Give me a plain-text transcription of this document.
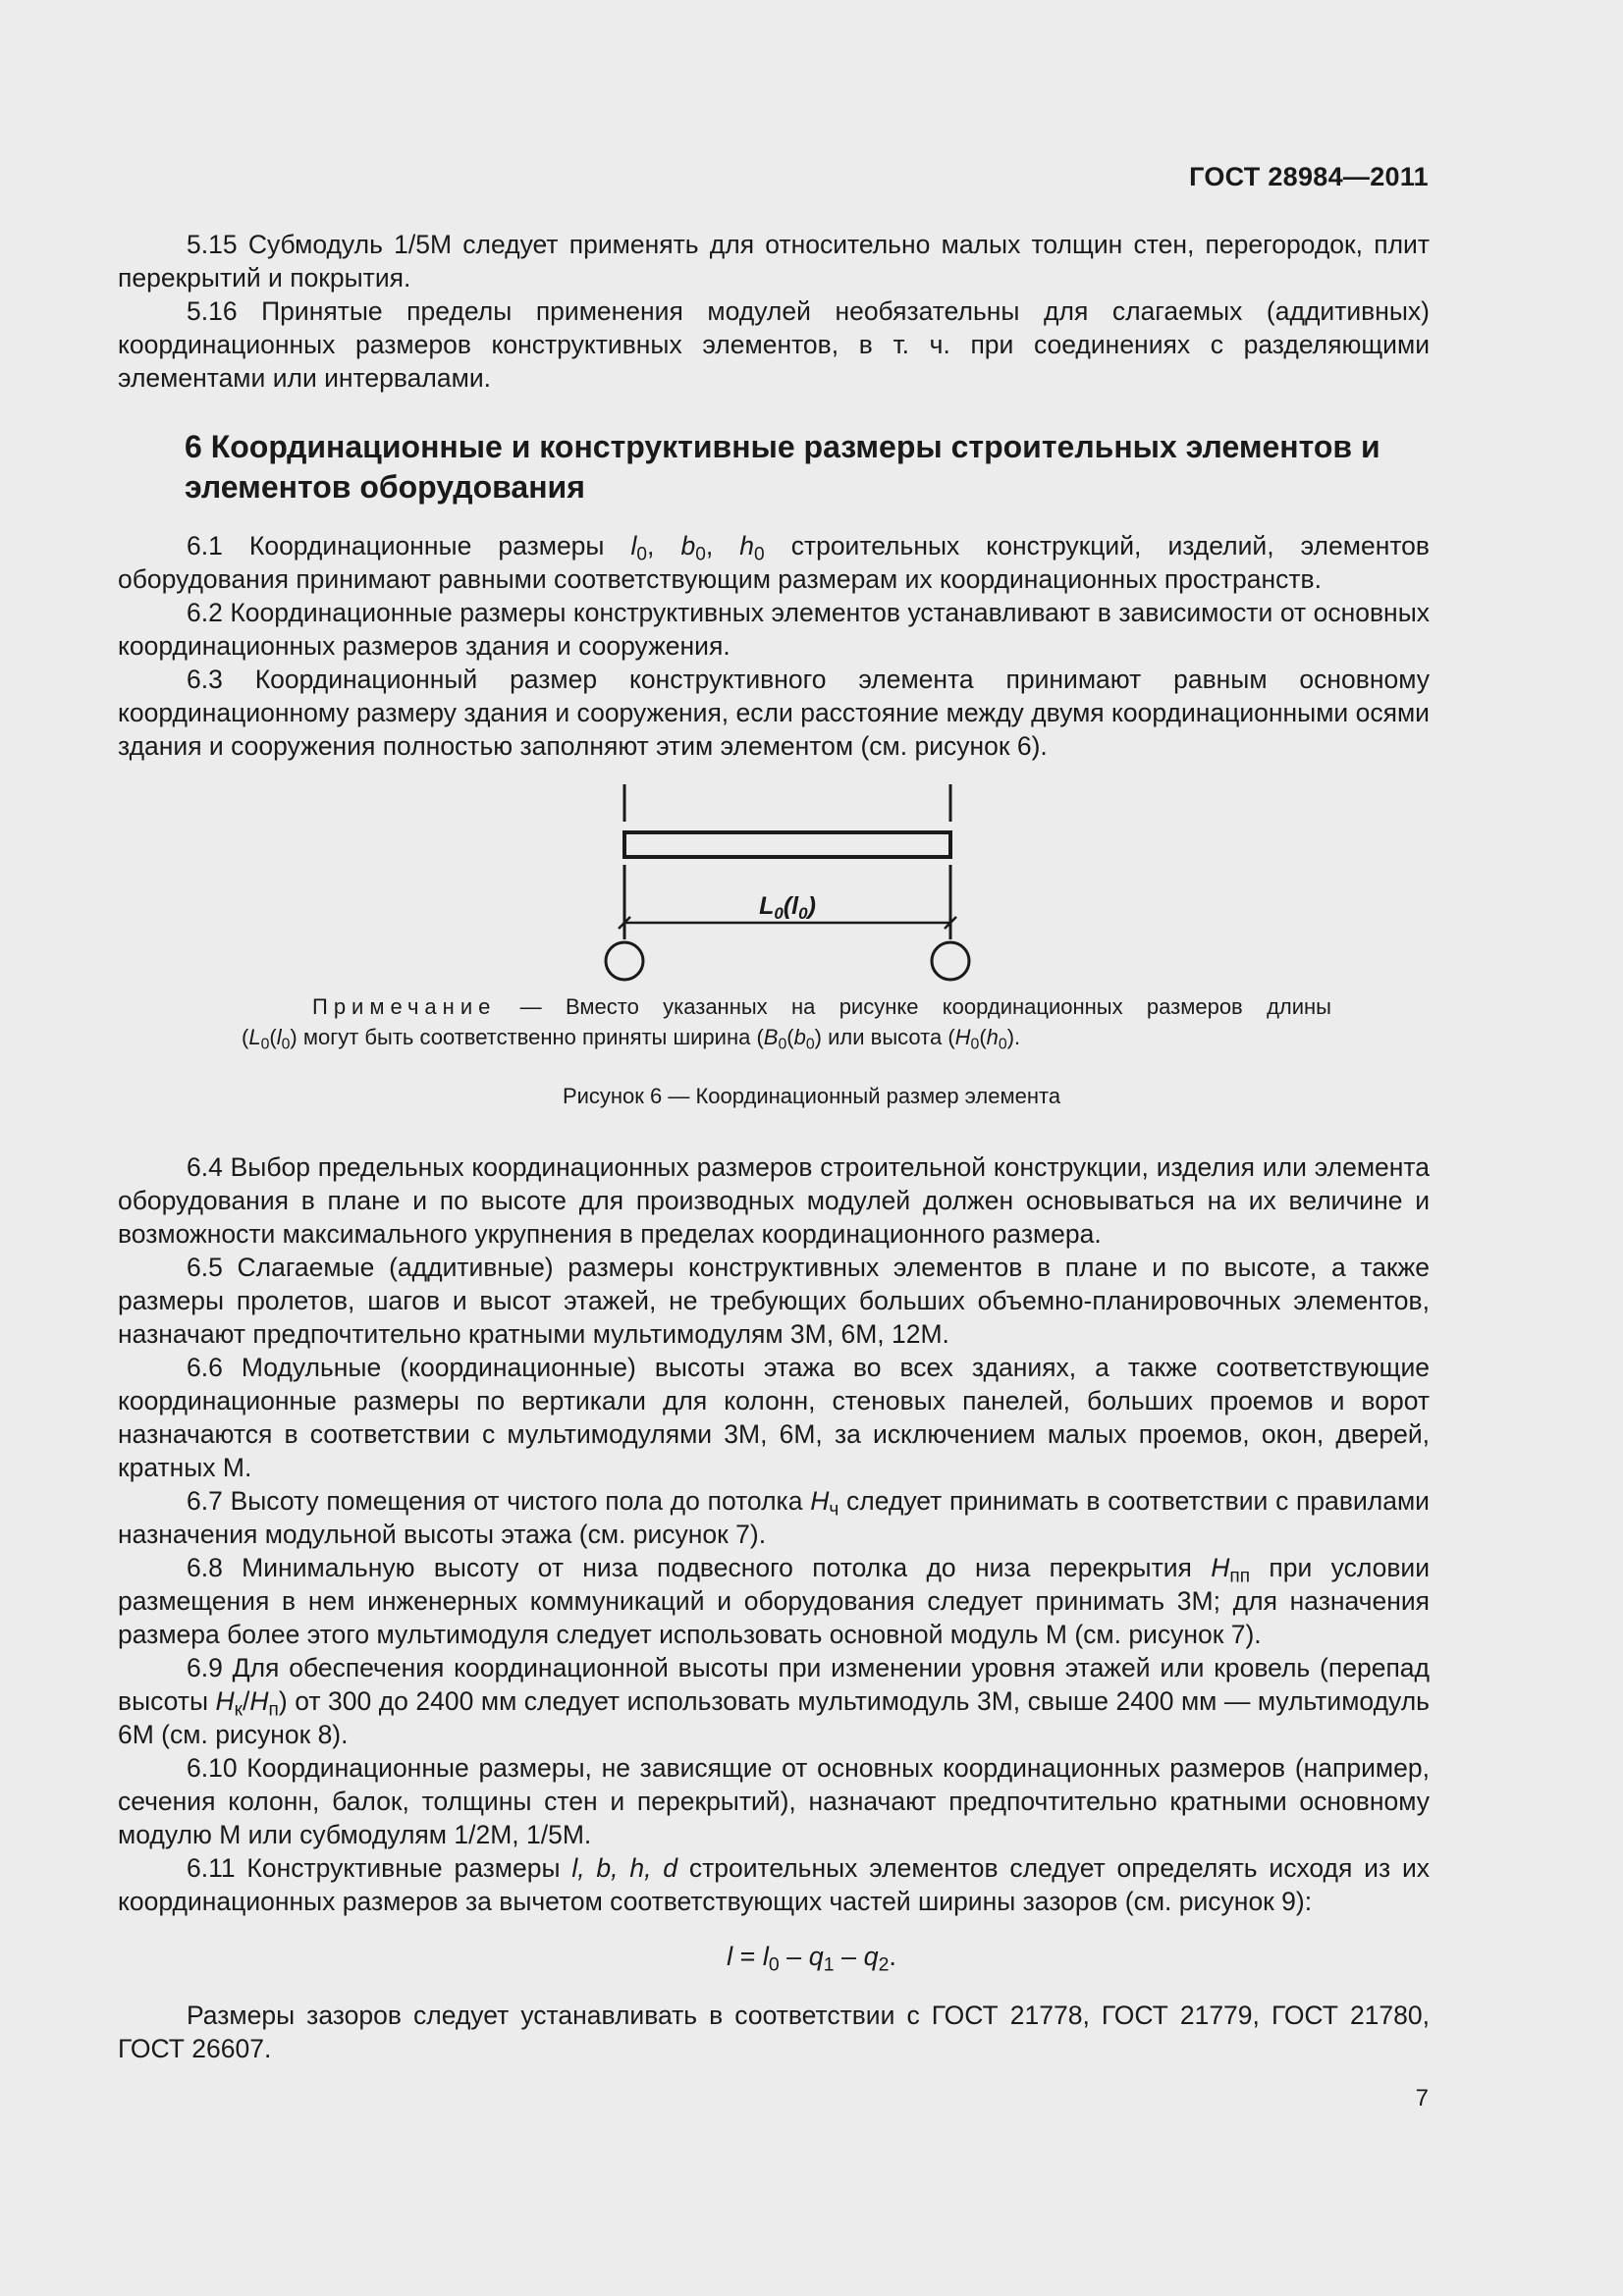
ГОСТ 28984—2011

5.15 Субмодуль 1/5М следует применять для относительно малых толщин стен, перегородок, плит перекрытий и покрытия.

5.16 Принятые пределы применения модулей необязательны для слагаемых (аддитивных) координационных размеров конструктивных элементов, в т. ч. при соединениях с разделяющими элементами или интервалами.

6 Координационные и конструктивные размеры строительных элементов и элементов оборудования

6.1 Координационные размеры $l_0$, $b_0$, $h_0$ строительных конструкций, изделий, элементов оборудования принимают равными соответствующим размерам их координационных пространств.

6.2 Координационные размеры конструктивных элементов устанавливают в зависимости от основных координационных размеров здания и сооружения.

6.3 Координационный размер конструктивного элемента принимают равным основному координационному размеру здания и сооружения, если расстояние между двумя координационными осями здания и сооружения полностью заполняют этим элементом (см. рисунок 6).

$L_0(l_0)$
Примечание — Вместо указанных на рисунке координационных размеров длины
($L_0(l_0)$ могут быть соответственно приняты ширина ($B_0(b_0)$ или высота ($H_0(h_0)$.
Рисунок 6 — Координационный размер элемента

6.4 Выбор предельных координационных размеров строительной конструкции, изделия или элемента оборудования в плане и по высоте для производных модулей должен основываться на их величине и возможности максимального укрупнения в пределах координационного размера.

6.5 Слагаемые (аддитивные) размеры конструктивных элементов в плане и по высоте, а также размеры пролетов, шагов и высот этажей, не требующих больших объемно-планировочных элементов, назначают предпочтительно кратными мультимодулям 3М, 6М, 12М.

6.6 Модульные (координационные) высоты этажа во всех зданиях, а также соответствующие координационные размеры по вертикали для колонн, стеновых панелей, больших проемов и ворот назначаются в соответствии с мультимодулями 3М, 6М, за исключением малых проемов, окон, дверей, кратных М.

6.7 Высоту помещения от чистого пола до потолка $H_ч$ следует принимать в соответствии с правилами назначения модульной высоты этажа (см. рисунок 7).

6.8 Минимальную высоту от низа подвесного потолка до низа перекрытия $H_{пп}$ при условии размещения в нем инженерных коммуникаций и оборудования следует принимать 3М; для назначения размера более этого мультимодуля следует использовать основной модуль М (см. рисунок 7).

6.9 Для обеспечения координационной высоты при изменении уровня этажей или кровель (перепад высоты $H_к/H_п$) от 300 до 2400 мм следует использовать мультимодуль 3М, свыше 2400 мм — мультимодуль 6М (см. рисунок 8).

6.10 Координационные размеры, не зависящие от основных координационных размеров (например, сечения колонн, балок, толщины стен и перекрытий), назначают предпочтительно кратными основному модулю М или субмодулям 1/2М, 1/5М.

6.11 Конструктивные размеры l, b, h, d строительных элементов следует определять исходя из их координационных размеров за вычетом соответствующих частей ширины зазоров (см. рисунок 9):

$l = l_0 - q_1 - q_2$.

Размеры зазоров следует устанавливать в соответствии с ГОСТ 21778, ГОСТ 21779, ГОСТ 21780, ГОСТ 26607.

7
